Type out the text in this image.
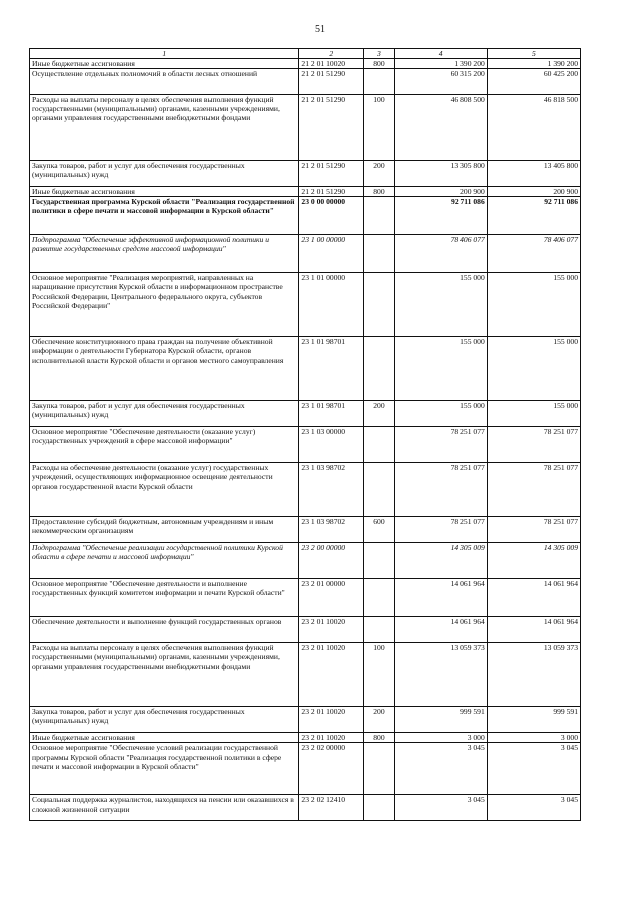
51
1	2	3	4	5
Иные бюджетные ассигнования	21 2 01 10020	800	1 390 200	1 390 200
Осуществление отдельных полномочий в области лесных отношений	21 2 01 51290		60 315 200	60 425 200
Расходы на выплаты персоналу в целях обеспечения выполнения функций государственными (муниципальными) органами, казенными учреждениями, органами управления государственными внебюджетными фондами	21 2 01 51290	100	46 808 500	46 818 500
Закупка товаров, работ и услуг для обеспечения государственных (муниципальных) нужд	21 2 01 51290	200	13 305 800	13 405 800
Иные бюджетные ассигнования	21 2 01 51290	800	200 900	200 900
Государственная программа Курской области "Реализация государственной политики в сфере печати и массовой информации в Курской области"	23 0 00 00000		92 711 086	92 711 086
Подпрограмма "Обеспечение эффективной информационной политики и развитие государственных средств массовой информации"	23 1 00 00000		78 406 077	78 406 077
Основное мероприятие "Реализация мероприятий, направленных на наращивание присутствия Курской области в информационном пространстве Российской Федерации, Центрального федерального округа, субъектов Российской Федерации"	23 1 01 00000		155 000	155 000
Обеспечение конституционного права граждан на получение объективной информации о деятельности Губернатора Курской области, органов исполнительной власти Курской области и органов местного самоуправления	23 1 01 98701		155 000	155 000
Закупка товаров, работ и услуг для обеспечения государственных (муниципальных) нужд	23 1 01 98701	200	155 000	155 000
Основное мероприятие "Обеспечение деятельности (оказание услуг) государственных учреждений в сфере массовой информации"	23 1 03 00000		78 251 077	78 251 077
Расходы на обеспечение деятельности (оказание услуг) государственных учреждений, осуществляющих информационное освещение деятельности органов государственной власти Курской области	23 1 03 98702		78 251 077	78 251 077
Предоставление субсидий бюджетным, автономным учреждениям и иным некоммерческим организациям	23 1 03 98702	600	78 251 077	78 251 077
Подпрограмма "Обеспечение реализации государственной политики Курской области в сфере печати и массовой информации"	23 2 00 00000		14 305 009	14 305 009
Основное мероприятие "Обеспечение деятельности и выполнение государственных функций комитетом информации и печати Курской области"	23 2 01 00000		14 061 964	14 061 964
Обеспечение деятельности и выполнение функций государственных органов	23 2 01 10020		14 061 964	14 061 964
Расходы на выплаты персоналу в целях обеспечения выполнения функций государственными (муниципальными) органами, казенными учреждениями, органами управления государственными внебюджетными фондами	23 2 01 10020	100	13 059 373	13 059 373
Закупка товаров, работ и услуг для обеспечения государственных (муниципальных) нужд	23 2 01 10020	200	999 591	999 591
Иные бюджетные ассигнования	23 2 01 10020	800	3 000	3 000
Основное мероприятие "Обеспечение условий реализации государственной программы Курской области "Реализация государственной политики в сфере печати и массовой информации в Курской области"	23 2 02 00000		3 045	3 045
Социальная поддержка журналистов, находящихся на пенсии или оказавшихся в сложной жизненной ситуации	23 2 02 12410		3 045	3 045
